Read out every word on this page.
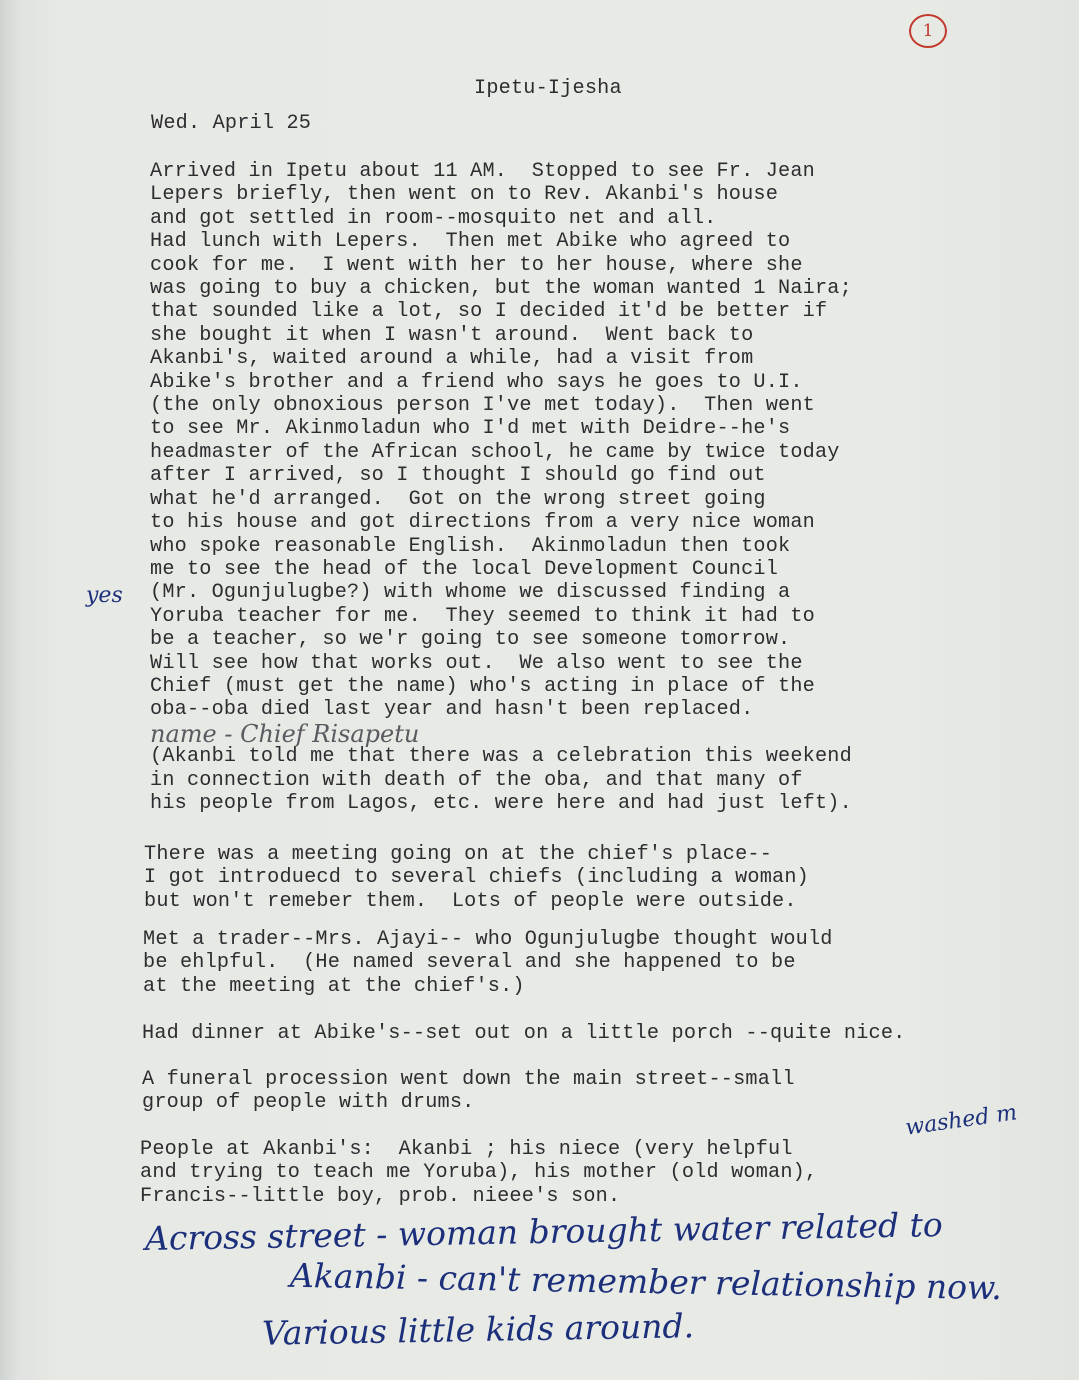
1

Ipetu-Ijesha

Wed. April 25

Arrived in Ipetu about 11 AM.  Stopped to see Fr. Jean
Lepers briefly, then went on to Rev. Akanbi's house
and got settled in room--mosquito net and all.
Had lunch with Lepers.  Then met Abike who agreed to
cook for me.  I went with her to her house, where she
was going to buy a chicken, but the woman wanted 1 Naira;
that sounded like a lot, so I decided it'd be better if
she bought it when I wasn't around.  Went back to
Akanbi's, waited around a while, had a visit from
Abike's brother and a friend who says he goes to U.I.
(the only obnoxious person I've met today).  Then went
to see Mr. Akinmoladun who I'd met with Deidre--he's
headmaster of the African school, he came by twice today
after I arrived, so I thought I should go find out
what he'd arranged.  Got on the wrong street going
to his house and got directions from a very nice woman
who spoke reasonable English.  Akinmoladun then took
me to see the head of the local Development Council
(Mr. Ogunjulugbe?) with whome we discussed finding a
Yoruba teacher for me.  They seemed to think it had to
be a teacher, so we'r going to see someone tomorrow.
Will see how that works out.  We also went to see the
Chief (must get the name) who's acting in place of the
oba--oba died last year and hasn't been replaced.

(Akanbi told me that there was a celebration this weekend
in connection with death of the oba, and that many of
his people from Lagos, etc. were here and had just left).

There was a meeting going on at the chief's place--
I got introduecd to several chiefs (including a woman)
but won't remeber them.  Lots of people were outside.

Met a trader--Mrs. Ajayi-- who Ogunjulugbe thought would
be ehlpful.  (He named several and she happened to be
at the meeting at the chief's.)

Had dinner at Abike's--set out on a little porch --quite nice.

A funeral procession went down the main street--small
group of people with drums.

People at Akanbi's:  Akanbi ; his niece (very helpful
and trying to teach me Yoruba), his mother (old woman),
Francis--little boy, prob. nieee's son.

yes

name - Chief Risapetu

washed m

Across street - woman brought water related to

Akanbi - can't remember relationship now.

Various little kids around.
